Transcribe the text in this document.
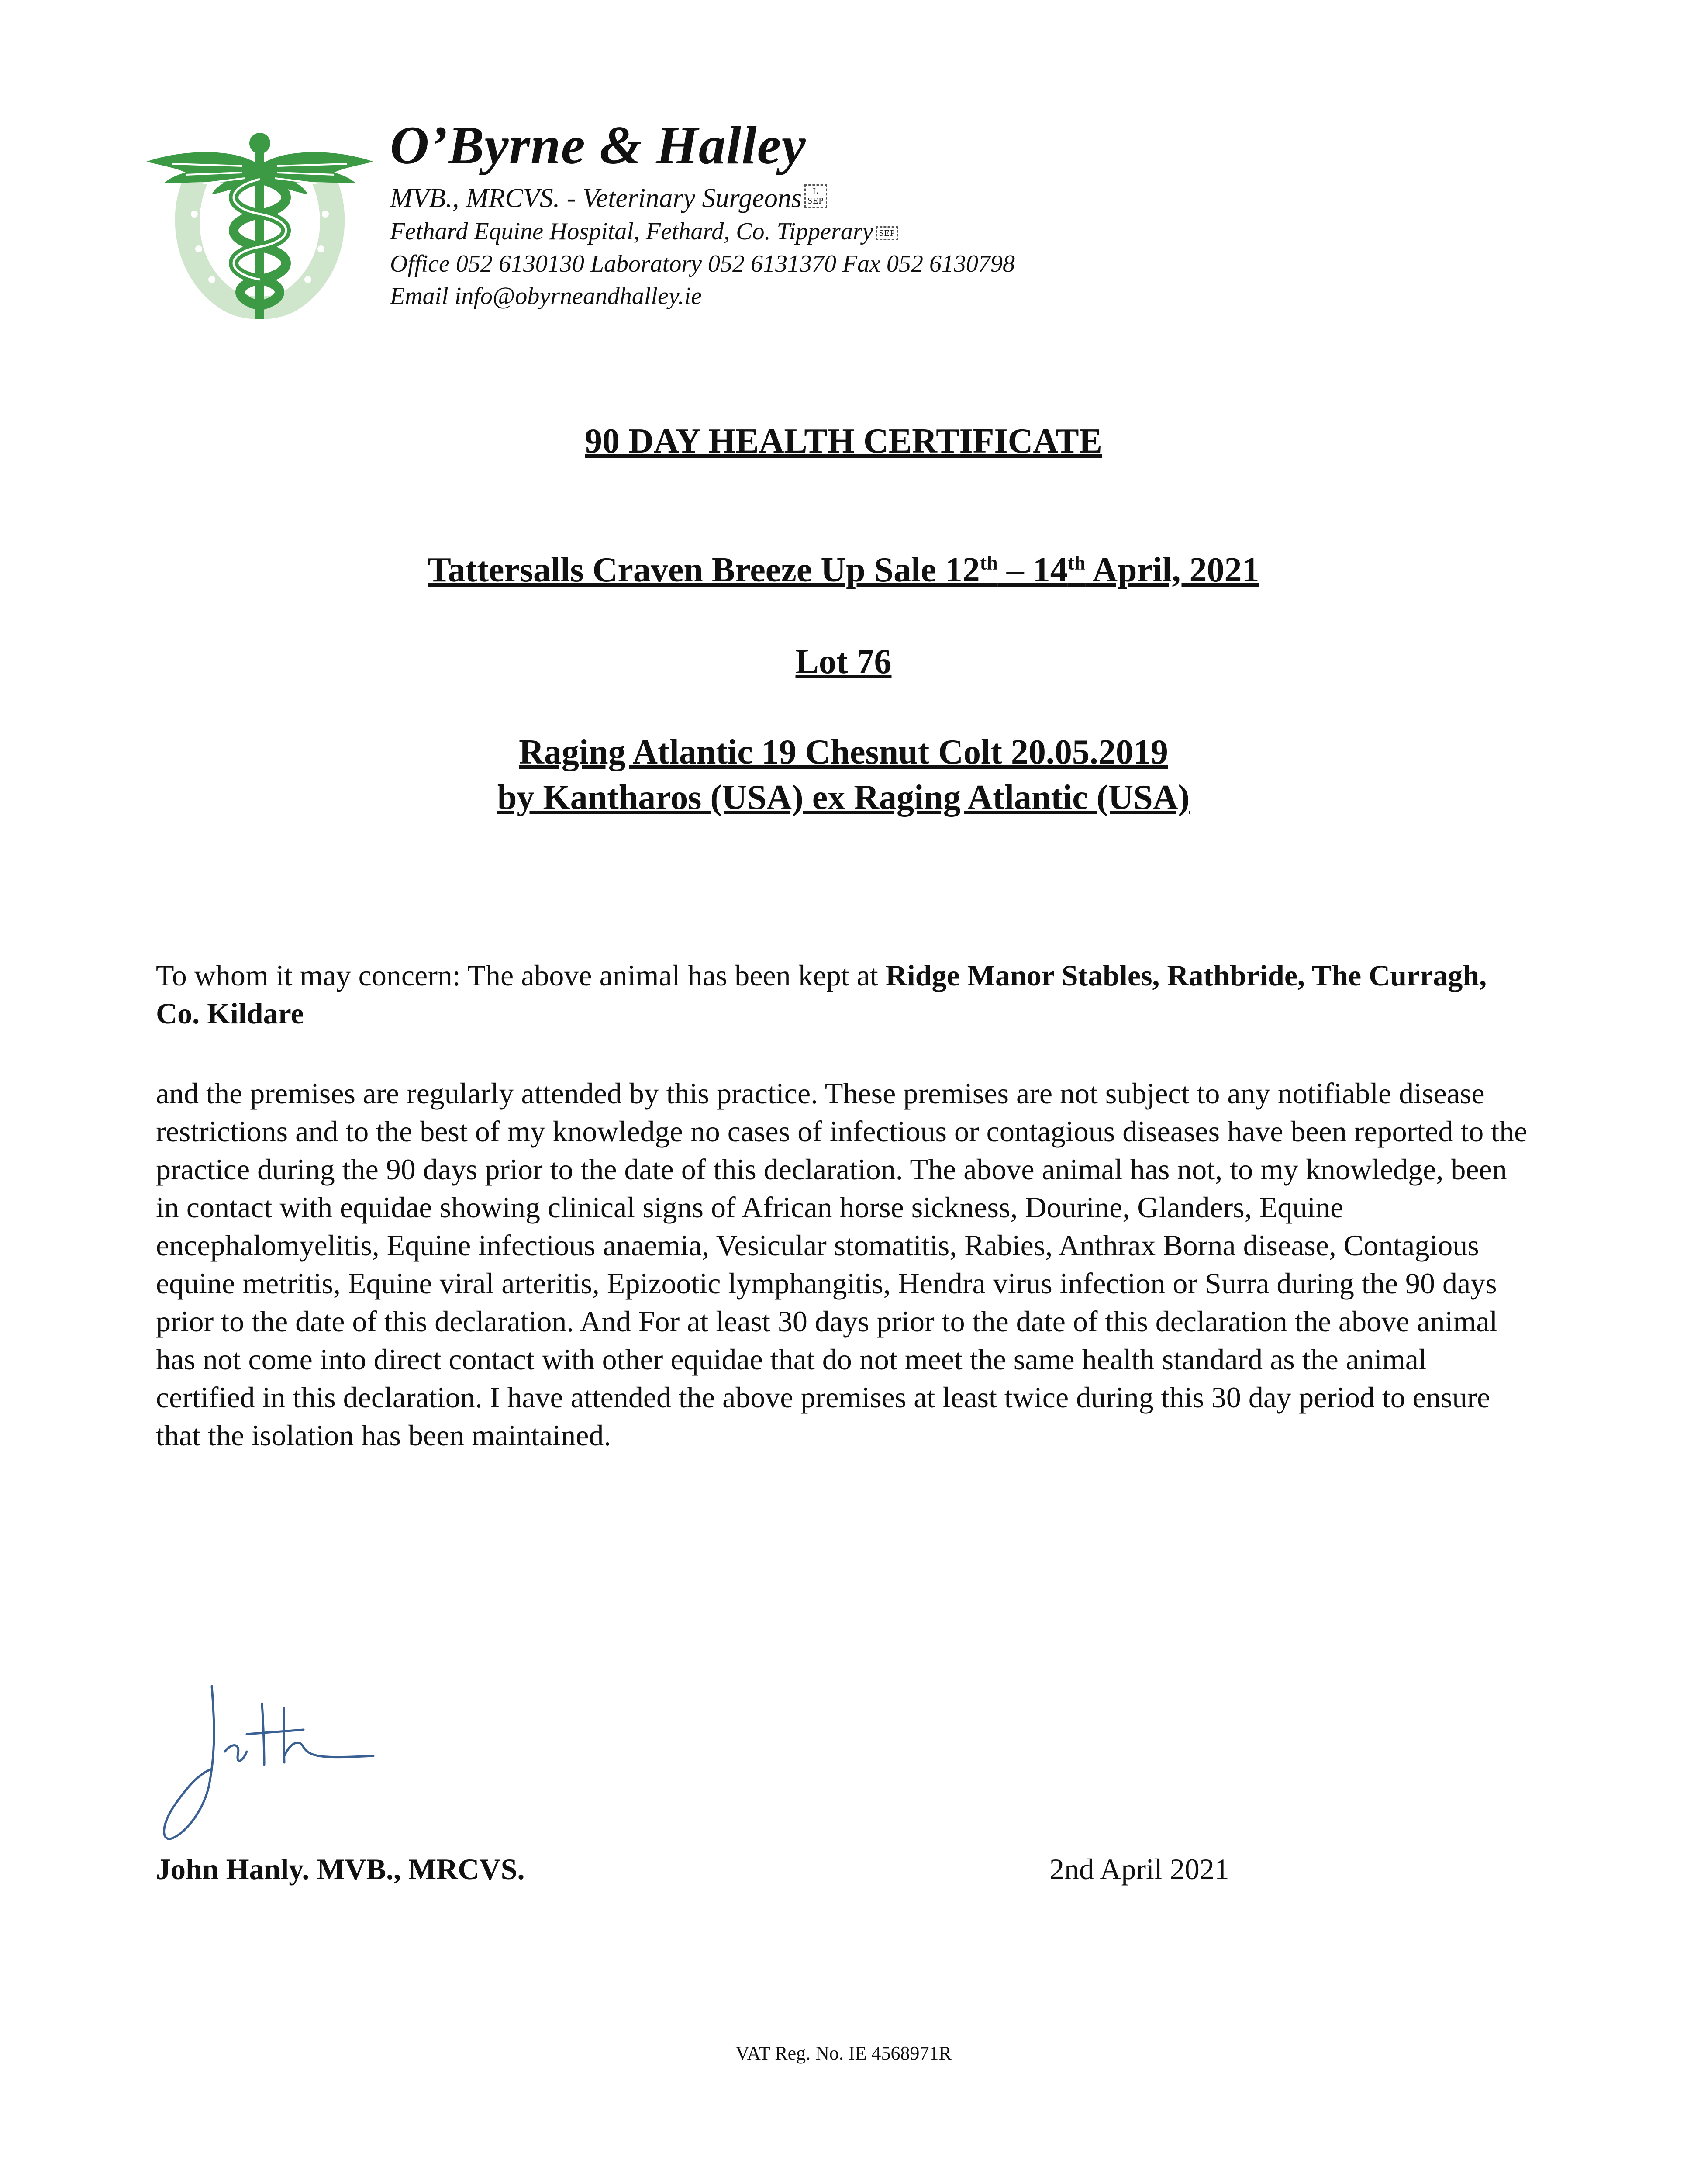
O’Byrne & Halley
MVB., MRCVS. - Veterinary Surgeons L
SEP
Fethard Equine Hospital, Fethard, Co. Tipperary SEP
Office 052 6130130 Laboratory 052 6131370 Fax 052 6130798
Email info@obyrneandhalley.ie
90 DAY HEALTH CERTIFICATE
Tattersalls Craven Breeze Up Sale 12th – 14th April, 2021
Lot 76
Raging Atlantic 19 Chesnut Colt 20.05.2019
by Kantharos (USA) ex Raging Atlantic (USA)
To whom it may concern: The above animal has been kept at Ridge Manor Stables, Rathbride, The Curragh, Co. Kildare
and the premises are regularly attended by this practice. These premises are not subject to any notifiable disease restrictions and to the best of my knowledge no cases of infectious or contagious diseases have been reported to the practice during the 90 days prior to the date of this declaration. The above animal has not, to my knowledge, been in contact with equidae showing clinical signs of African horse sickness, Dourine, Glanders, Equine encephalomyelitis, Equine infectious anaemia, Vesicular stomatitis, Rabies, Anthrax Borna disease, Contagious equine metritis, Equine viral arteritis, Epizootic lymphangitis, Hendra virus infection or Surra during the 90 days prior to the date of this declaration. And For at least 30 days prior to the date of this declaration the above animal has not come into direct contact with other equidae that do not meet the same health standard as the animal certified in this declaration. I have attended the above premises at least twice during this 30 day period to ensure that the isolation has been maintained.
John Hanly. MVB., MRCVS.	2nd April 2021
VAT Reg. No. IE 4568971R
